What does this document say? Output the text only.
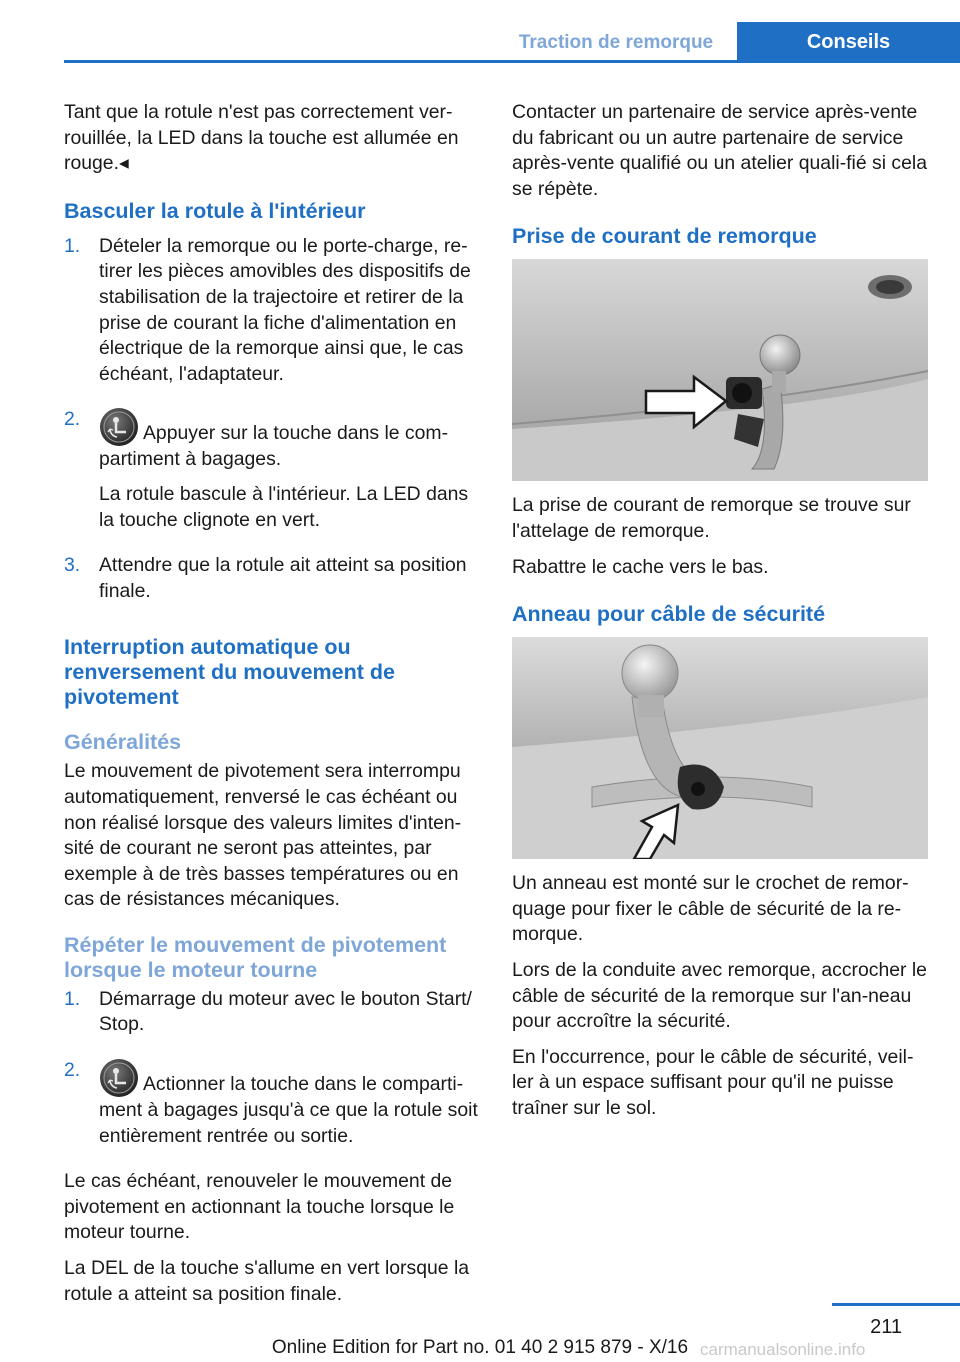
Traction de remorque	Conseils

Tant que la rotule n'est pas correctement ver-rouillée, la LED dans la touche est allumée en rouge.◂

Basculer la rotule à l'intérieur
1. Dételer la remorque ou le porte-charge, re-tirer les pièces amovibles des dispositifs de stabilisation de la trajectoire et retirer de la prise de courant la fiche d'alimentation en électrique de la remorque ainsi que, le cas échéant, l'adaptateur.

2.

Appuyer sur la touche dans le com-partiment à bagages.

La rotule bascule à l'intérieur. La LED dans la touche clignote en vert.

3. Attendre que la rotule ait atteint sa position finale.

Interruption automatique ou renversement du mouvement de pivotement
Généralités

Le mouvement de pivotement sera interrompu automatiquement, renversé le cas échéant ou non réalisé lorsque des valeurs limites d'inten-sité de courant ne seront pas atteintes, par exemple à de très basses températures ou en cas de résistances mécaniques.

Répéter le mouvement de pivotement lorsque le moteur tourne
1. Démarrage du moteur avec le bouton Start/ Stop.

2.

Actionner la touche dans le comparti-ment à bagages jusqu'à ce que la rotule soit entièrement rentrée ou sortie.

Le cas échéant, renouveler le mouvement de pivotement en actionnant la touche lorsque le moteur tourne.

La DEL de la touche s'allume en vert lorsque la rotule a atteint sa position finale.

Contacter un partenaire de service après-vente du fabricant ou un autre partenaire de service après-vente qualifié ou un atelier quali-fié si cela se répète.

Prise de courant de remorque

La prise de courant de remorque se trouve sur l'attelage de remorque.

Rabattre le cache vers le bas.

Anneau pour câble de sécurité

Un anneau est monté sur le crochet de remor-quage pour fixer le câble de sécurité de la re-morque.

Lors de la conduite avec remorque, accrocher le câble de sécurité de la remorque sur l'an-neau pour accroître la sécurité.

En l'occurrence, pour le câble de sécurité, veil-ler à un espace suffisant pour qu'il ne puisse traîner sur le sol.

211
Online Edition for Part no. 01 40 2 915 879 - X/16 carmanualsonline.info
